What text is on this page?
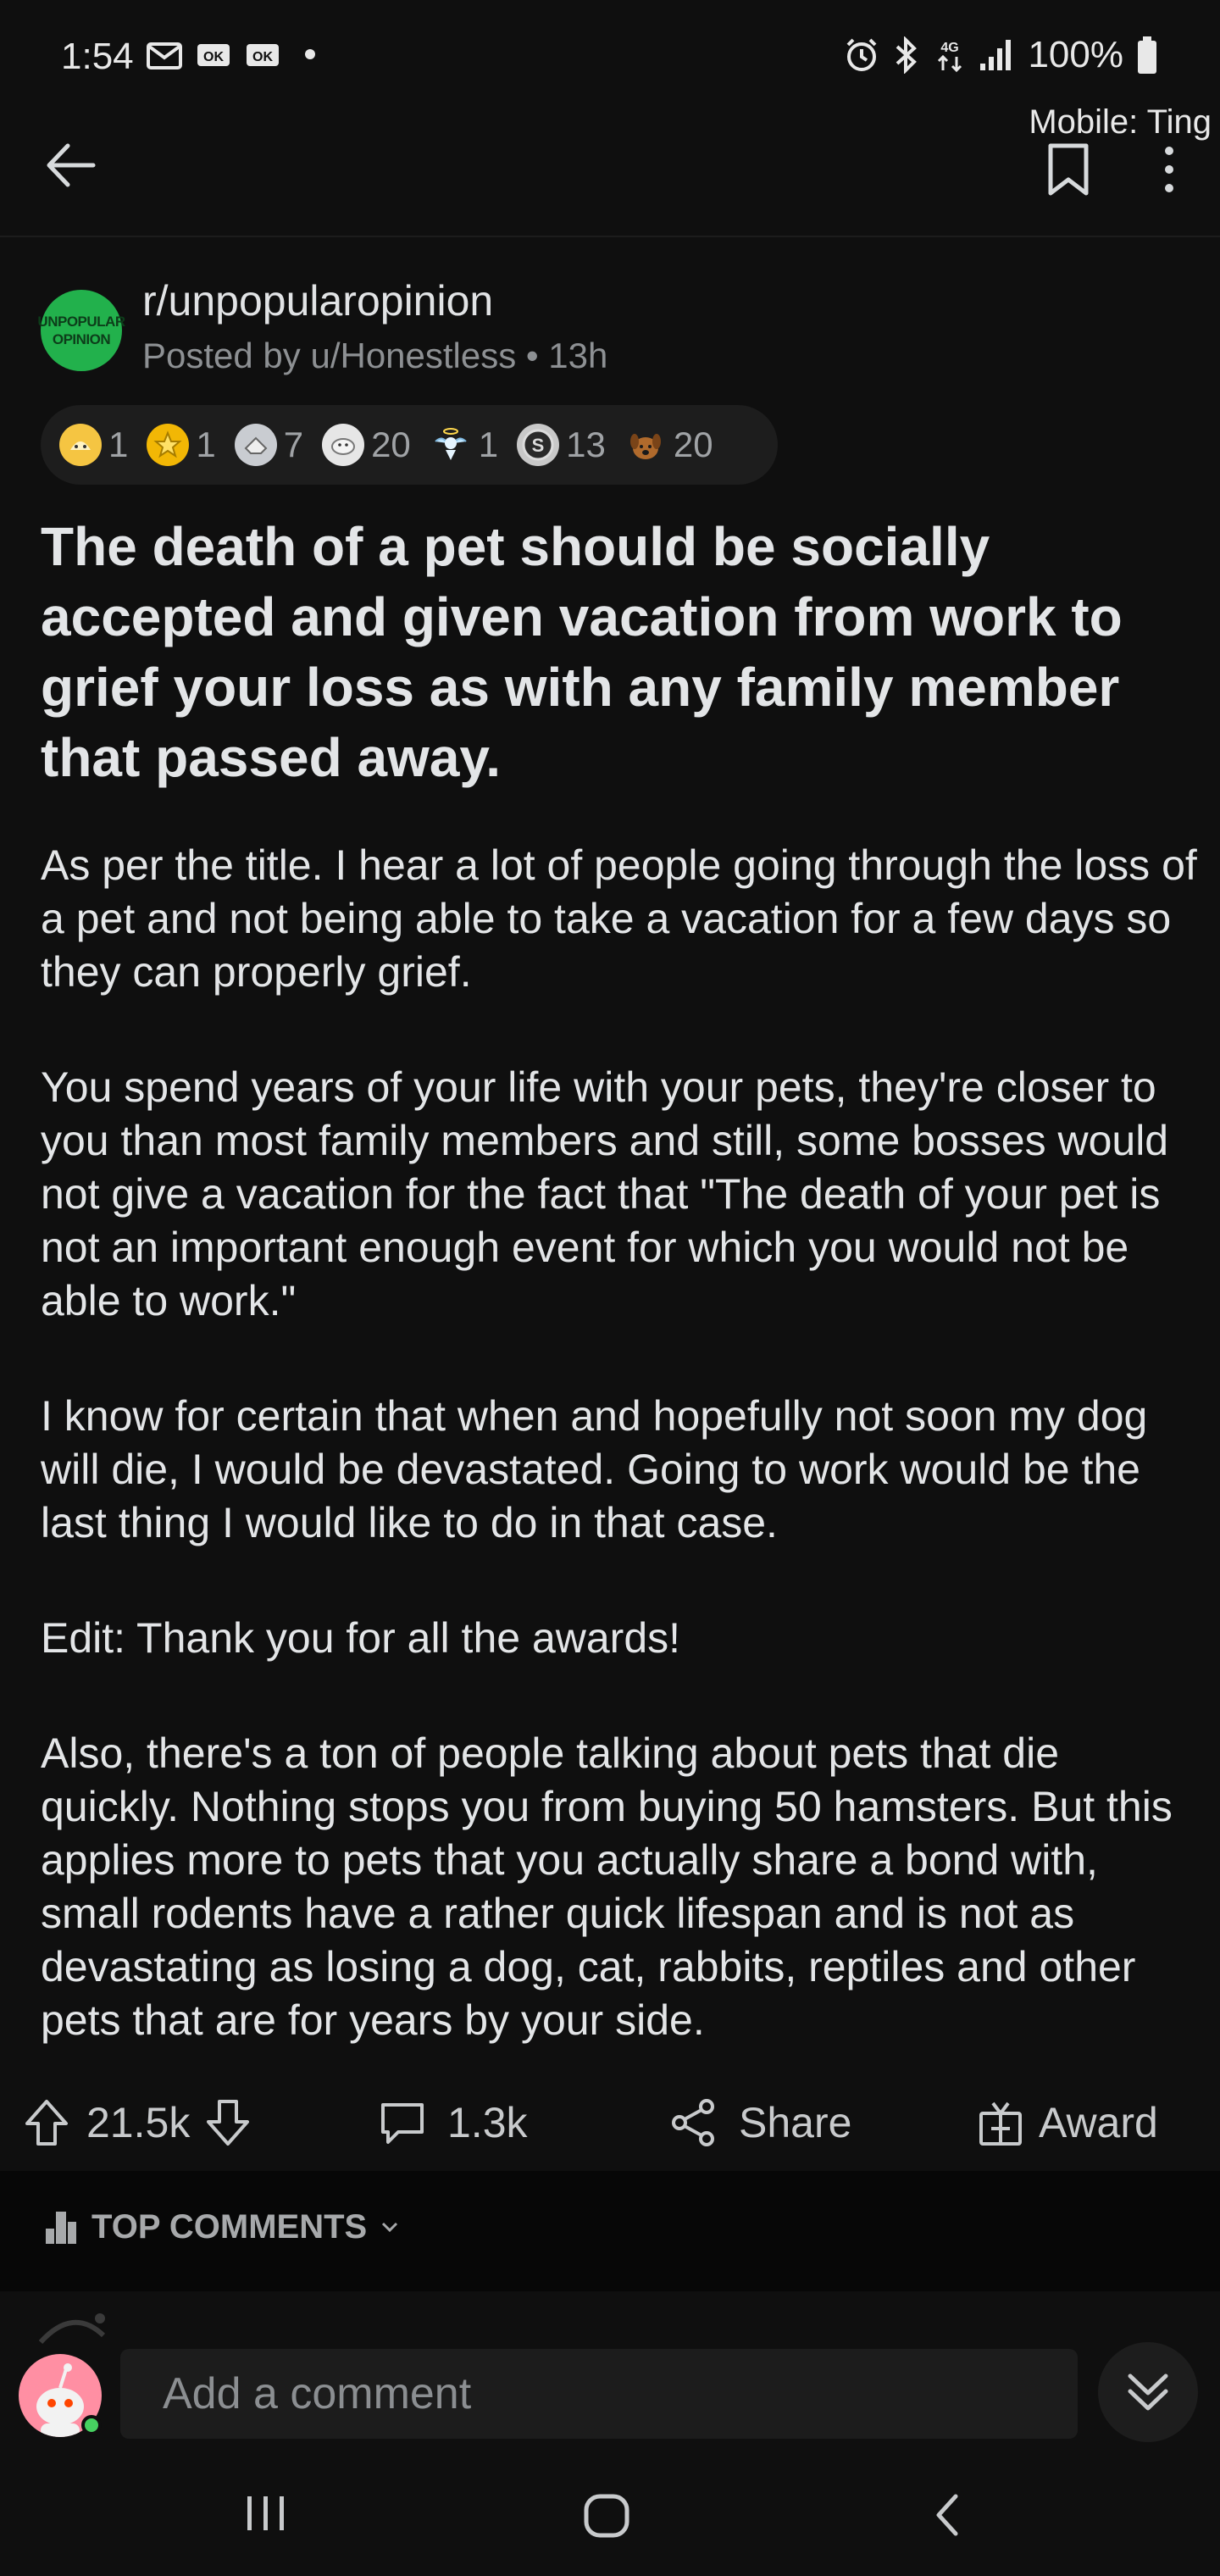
1:54	OK OK
4G 100%
Mobile: Ting
UNPOPULAR
OPINION
r/unpopularopinion
Posted by u/Honestless • 13h
1 1 7 20 1 S 13 20
The death of a pet should be socially accepted and given vacation from work to grief your loss as with any family member that passed away.

As per the title. I hear a lot of people going through the loss of a pet and not being able to take a vacation for a few days so they can properly grief.

You spend years of your life with your pets, they're closer to you than most family members and still, some bosses would not give a vacation for the fact that "The death of your pet is not an important enough event for which you would not be able to work."

I know for certain that when and hopefully not soon my dog will die, I would be devastated. Going to work would be the last thing I would like to do in that case.

Edit: Thank you for all the awards!

Also, there's a ton of people talking about pets that die quickly. Nothing stops you from buying 50 hamsters. But this applies more to pets that you actually share a bond with, small rodents have a rather quick lifespan and is not as devastating as losing a dog, cat, rabbits, reptiles and other pets that are for years by your side.

21.5k	1.3k	Share	Award
TOP COMMENTS
Add a comment
